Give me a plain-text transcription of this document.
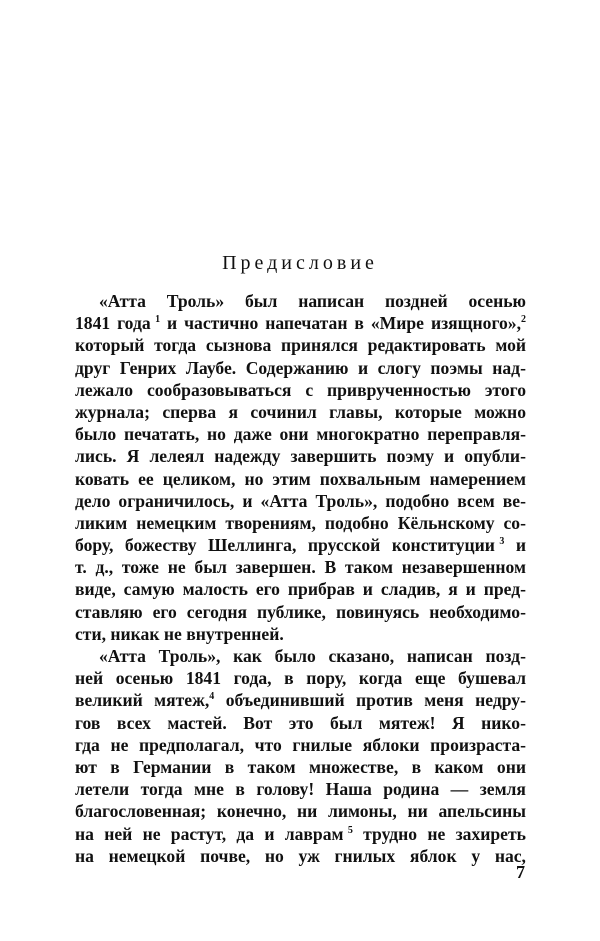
Предисловие
«Атта Троль» был написан поздней осенью
1841 года $^1$ и частично напечатан в «Мире изящного»,$^2$
который тогда сызнова принялся редактировать мой
друг Генрих Лаубе. Содержанию и слогу поэмы над-
лежало сообразовываться с приврученностью этого
журнала; сперва я сочинил главы, которые можно
было печатать, но даже они многократно переправля-
лись. Я лелеял надежду завершить поэму и опубли-
ковать ее целиком, но этим похвальным намерением
дело ограничилось, и «Атта Троль», подобно всем ве-
ликим немецким творениям, подобно Кёльнскому со-
бору, божеству Шеллинга, прусской конституции $^3$ и
т. д., тоже не был завершен. В таком незавершенном
виде, самую малость его прибрав и сладив, я и пред-
ставляю его сегодня публике, повинуясь необходимо-
сти,
никак
не
внутренней.
«Атта Троль», как было сказано, написан позд-
ней осенью 1841 года, в пору, когда еще бушевал
великий мятеж,$^4$ объединивший против меня недру-
гов всех мастей. Вот это был мятеж! Я нико-
гда не предполагал, что гнилые яблоки произраста-
ют в Германии в таком множестве, в каком они
летели тогда мне в голову! Наша родина — земля
благословенная; конечно, ни лимоны, ни апельсины
на ней не растут, да и лаврам $^5$ трудно не захиреть
на немецкой почве, но уж гнилых яблок у нас,
7
